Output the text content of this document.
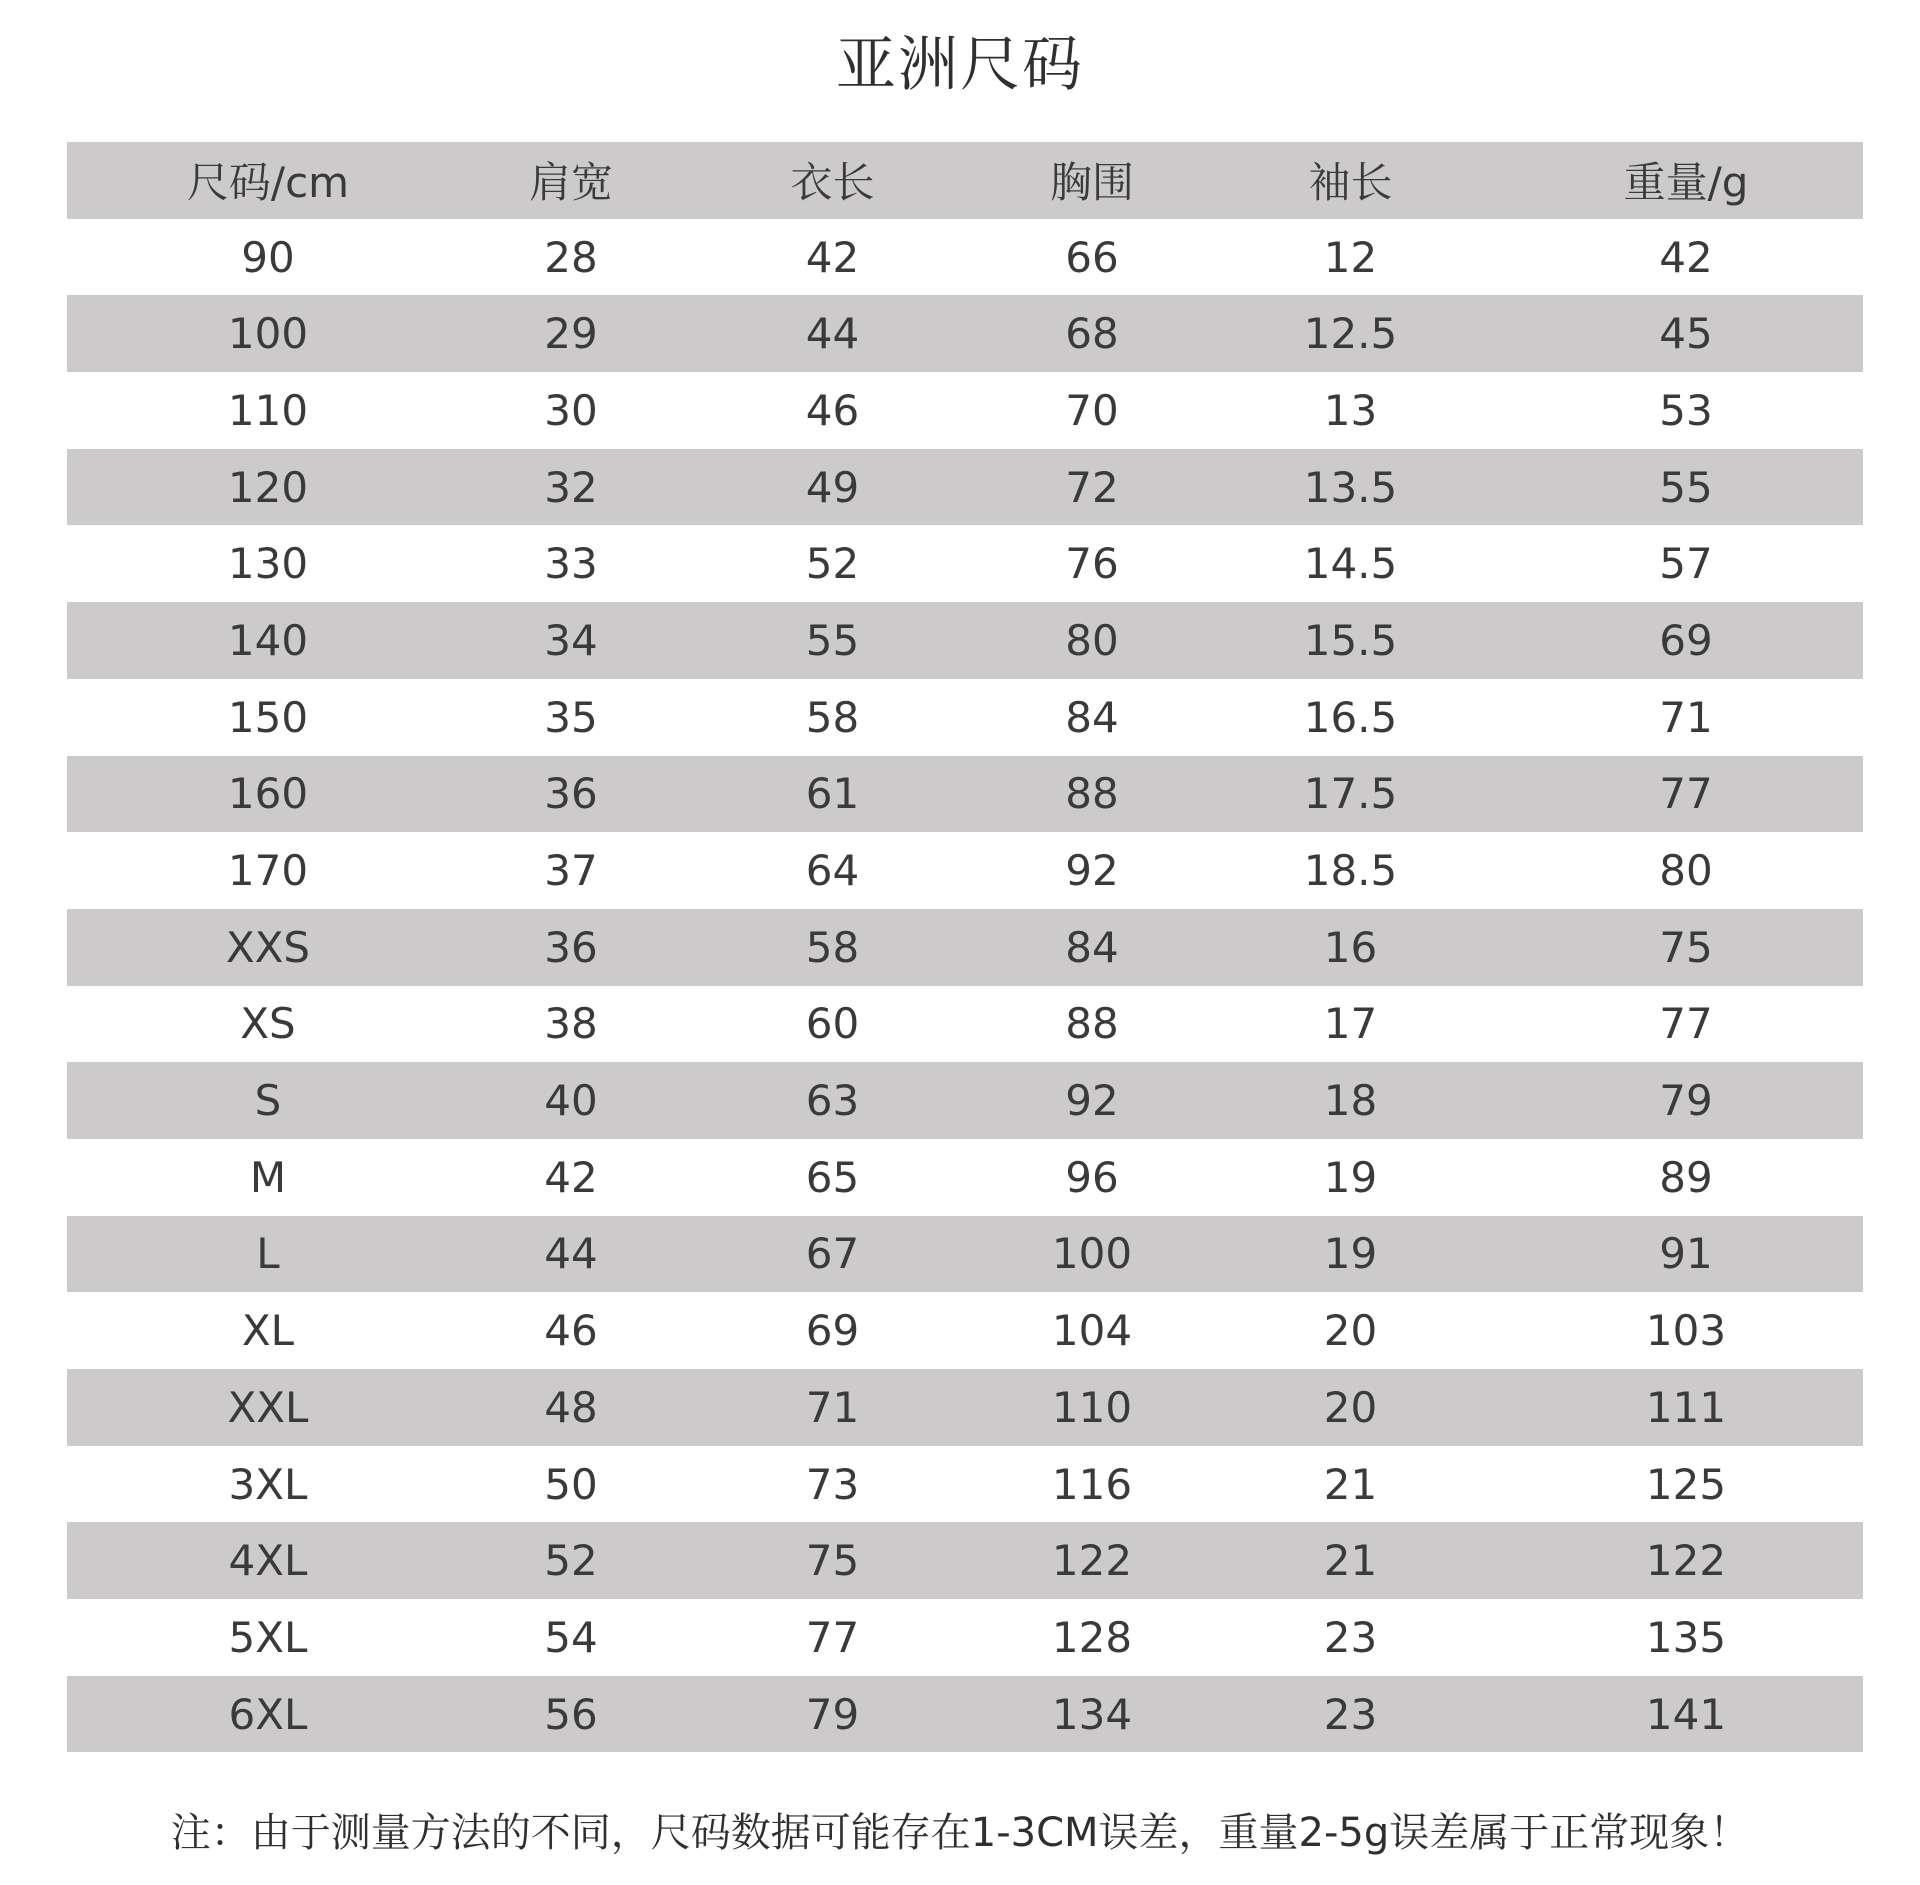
亚洲尺码
尺码/cm	肩宽	衣长	胸围	袖长	重量/g
90	28	42	66	12	42
100	29	44	68	12.5	45
110	30	46	70	13	53
120	32	49	72	13.5	55
130	33	52	76	14.5	57
140	34	55	80	15.5	69
150	35	58	84	16.5	71
160	36	61	88	17.5	77
170	37	64	92	18.5	80
XXS	36	58	84	16	75
XS	38	60	88	17	77
S	40	63	92	18	79
M	42	65	96	19	89
L	44	67	100	19	91
XL	46	69	104	20	103
XXL	48	71	110	20	111
3XL	50	73	116	21	125
4XL	52	75	122	21	122
5XL	54	77	128	23	135
6XL	56	79	134	23	141
注：由于测量方法的不同，尺码数据可能存在1-3CM误差，重量2-5g误差属于正常现象！
